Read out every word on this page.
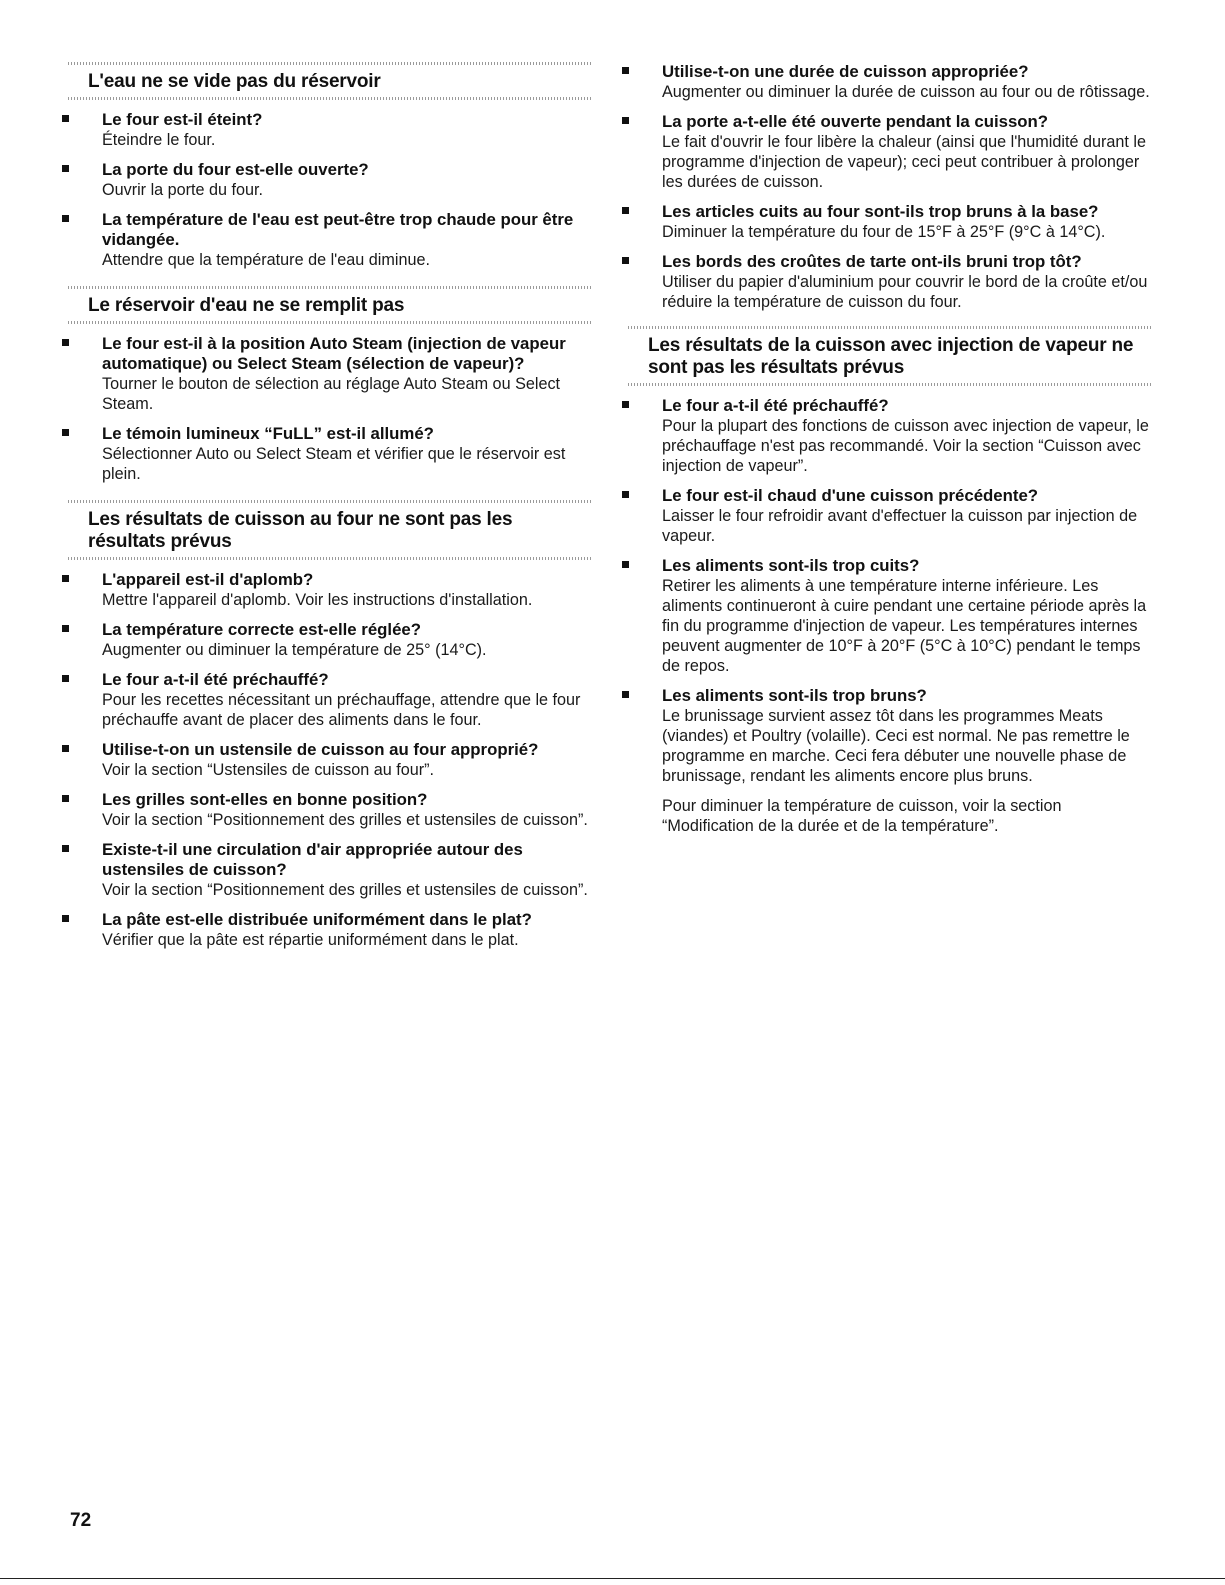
L'eau ne se vide pas du réservoir
Le four est-il éteint?
Éteindre le four.
La porte du four est-elle ouverte?
Ouvrir la porte du four.
La température de l'eau est peut-être trop chaude pour être vidangée.
Attendre que la température de l'eau diminue.
Le réservoir d'eau ne se remplit pas
Le four est-il à la position Auto Steam (injection de vapeur automatique) ou Select Steam (sélection de vapeur)?
Tourner le bouton de sélection au réglage Auto Steam ou Select Steam.
Le témoin lumineux “FuLL” est-il allumé?
Sélectionner Auto ou Select Steam et vérifier que le réservoir est plein.
Les résultats de cuisson au four ne sont pas les résultats prévus
L'appareil est-il d'aplomb?
Mettre l'appareil d'aplomb. Voir les instructions d'installation.
La température correcte est-elle réglée?
Augmenter ou diminuer la température de 25° (14°C).
Le four a-t-il été préchauffé?
Pour les recettes nécessitant un préchauffage, attendre que le four préchauffe avant de placer des aliments dans le four.
Utilise-t-on un ustensile de cuisson au four approprié?
Voir la section “Ustensiles de cuisson au four”.
Les grilles sont-elles en bonne position?
Voir la section “Positionnement des grilles et ustensiles de cuisson”.
Existe-t-il une circulation d'air appropriée autour des ustensiles de cuisson?
Voir la section “Positionnement des grilles et ustensiles de cuisson”.
La pâte est-elle distribuée uniformément dans le plat?
Vérifier que la pâte est répartie uniformément dans le plat.
Utilise-t-on une durée de cuisson appropriée?
Augmenter ou diminuer la durée de cuisson au four ou de rôtissage.
La porte a-t-elle été ouverte pendant la cuisson?
Le fait d'ouvrir le four libère la chaleur (ainsi que l'humidité durant le programme d'injection de vapeur); ceci peut contribuer à prolonger les durées de cuisson.
Les articles cuits au four sont-ils trop bruns à la base?
Diminuer la température du four de 15°F à 25°F (9°C à 14°C).
Les bords des croûtes de tarte ont-ils bruni trop tôt?
Utiliser du papier d'aluminium pour couvrir le bord de la croûte et/ou réduire la température de cuisson du four.
Les résultats de la cuisson avec injection de vapeur ne sont pas les résultats prévus
Le four a-t-il été préchauffé?
Pour la plupart des fonctions de cuisson avec injection de vapeur, le préchauffage n'est pas recommandé. Voir la section “Cuisson avec injection de vapeur”.
Le four est-il chaud d'une cuisson précédente?
Laisser le four refroidir avant d'effectuer la cuisson par injection de vapeur.
Les aliments sont-ils trop cuits?
Retirer les aliments à une température interne inférieure. Les aliments continueront à cuire pendant une certaine période après la fin du programme d'injection de vapeur. Les températures internes peuvent augmenter de 10°F à 20°F (5°C à 10°C) pendant le temps de repos.
Les aliments sont-ils trop bruns?
Le brunissage survient assez tôt dans les programmes Meats (viandes) et Poultry (volaille). Ceci est normal. Ne pas remettre le programme en marche. Ceci fera débuter une nouvelle phase de brunissage, rendant les aliments encore plus bruns.

Pour diminuer la température de cuisson, voir la section “Modification de la durée et de la température”.

72
